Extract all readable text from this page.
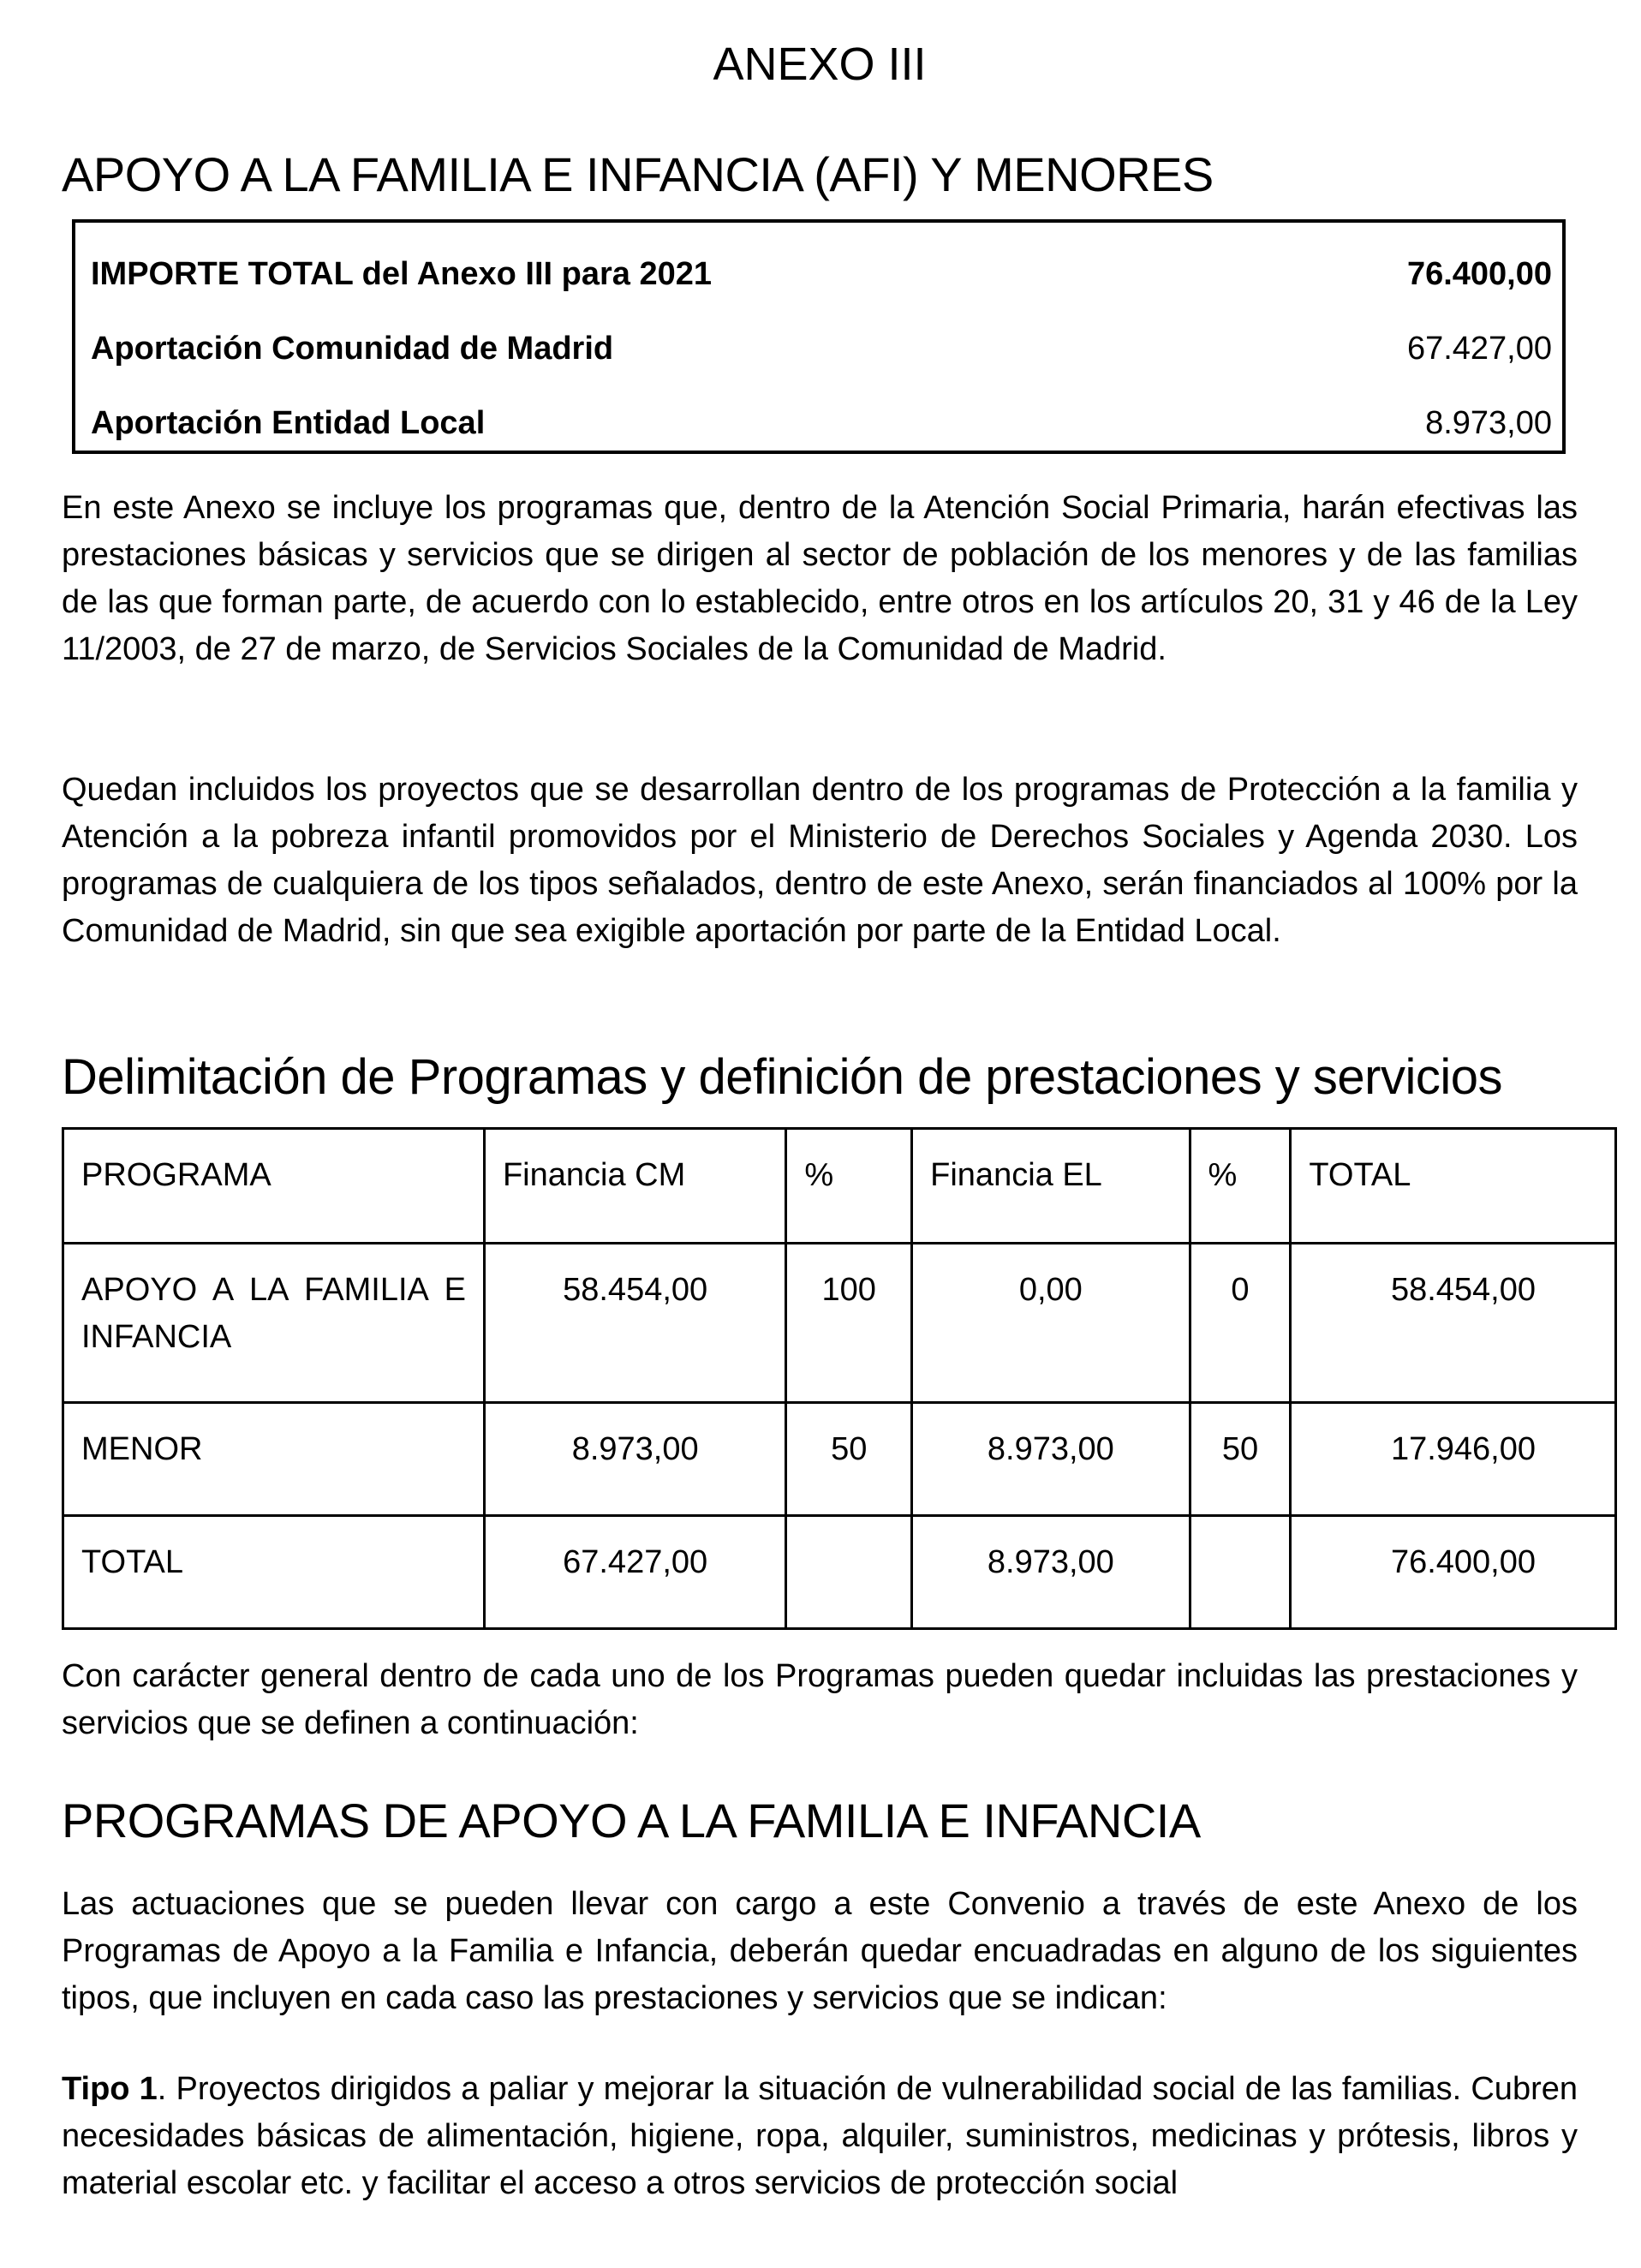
ANEXO III
APOYO A LA FAMILIA E INFANCIA (AFI) Y MENORES
IMPORTE TOTAL del Anexo III para 2021	76.400,00
Aportación Comunidad de Madrid	67.427,00
Aportación Entidad Local	8.973,00
En este Anexo se incluye los programas que, dentro de la Atención Social Primaria, harán efectivas las prestaciones básicas y servicios que se dirigen al sector de población de los menores y de las familias de las que forman parte, de acuerdo con lo establecido, entre otros en los artículos 20, 31 y 46 de la Ley 11/2003, de 27 de marzo, de Servicios Sociales de la Comunidad de Madrid.
Quedan incluidos los proyectos que se desarrollan dentro de los programas de Protección a la familia y Atención a la pobreza infantil promovidos por el Ministerio de Derechos Sociales y Agenda 2030. Los programas de cualquiera de los tipos señalados, dentro de este Anexo, serán financiados al 100% por la Comunidad de Madrid, sin que sea exigible aportación por parte de la Entidad Local.
Delimitación de Programas y definición de prestaciones y servicios
PROGRAMA	Financia CM	%	Financia EL	%	TOTAL
APOYO A LA FAMILIA E INFANCIA	58.454,00	100	0,00	0	58.454,00
MENOR	8.973,00	50	8.973,00	50	17.946,00
TOTAL	67.427,00		8.973,00		76.400,00
Con carácter general dentro de cada uno de los Programas pueden quedar incluidas las prestaciones y servicios que se definen a continuación:
PROGRAMAS DE APOYO A LA FAMILIA E INFANCIA
Las actuaciones que se pueden llevar con cargo a este Convenio a través de este Anexo de los Programas de Apoyo a la Familia e Infancia, deberán quedar encuadradas en alguno de los siguientes tipos, que incluyen en cada caso las prestaciones y servicios que se indican:
Tipo 1. Proyectos dirigidos a paliar y mejorar la situación de vulnerabilidad social de las familias. Cubren necesidades básicas de alimentación, higiene, ropa, alquiler, suministros, medicinas y prótesis, libros y material escolar etc. y facilitar el acceso a otros servicios de protección social
